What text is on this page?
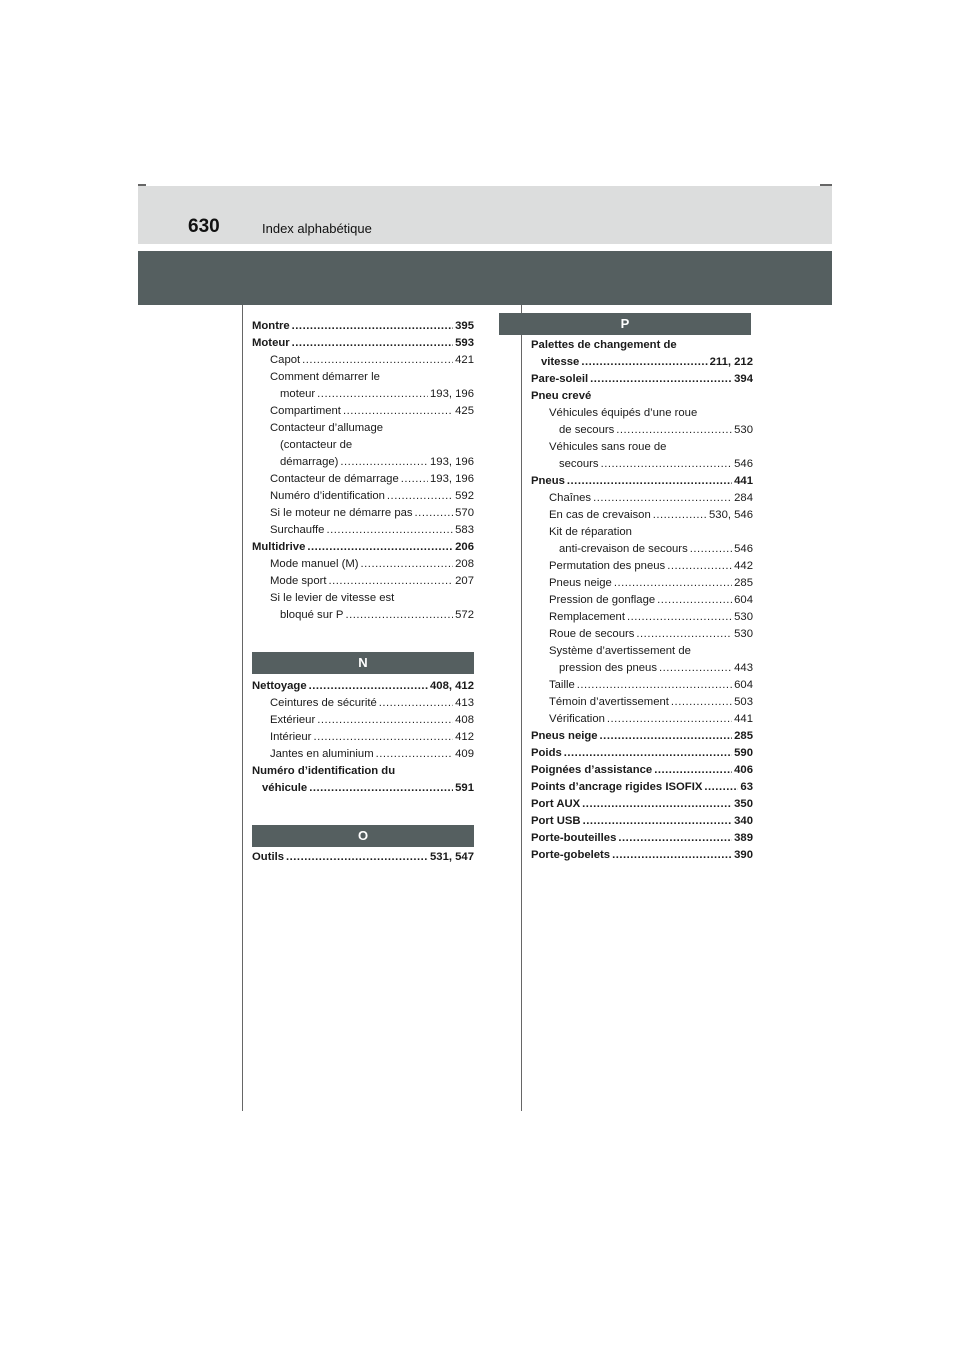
630	Index alphabétique
Montre .....	395
Moteur .....	593
Capot .....	421
Comment démarrer le
moteur .....	193, 196
Compartiment .....	425
Contacteur d’allumage
(contacteur de
démarrage) .....	193, 196
Contacteur de démarrage .....	193, 196
Numéro d’identification .....	592
Si le moteur ne démarre pas .....	570
Surchauffe .....	583
Multidrive .....	206
Mode manuel (M) .....	208
Mode sport .....	207
Si le levier de vitesse est
bloqué sur P .....	572
N
Nettoyage .....	408, 412
Ceintures de sécurité .....	413
Extérieur .....	408
Intérieur .....	412
Jantes en aluminium .....	409
Numéro d’identification du
véhicule .....	591
O
Outils .....	531, 547
P
Palettes de changement de
vitesse .....	211, 212
Pare-soleil .....	394
Pneu crevé
Véhicules équipés d’une roue
de secours .....	530
Véhicules sans roue de
secours .....	546
Pneus .....	441
Chaînes .....	284
En cas de crevaison .....	530, 546
Kit de réparation
anti-crevaison de secours .....	546
Permutation des pneus .....	442
Pneus neige .....	285
Pression de gonflage .....	604
Remplacement .....	530
Roue de secours .....	530
Système d’avertissement de
pression des pneus .....	443
Taille .....	604
Témoin d’avertissement .....	503
Vérification .....	441
Pneus neige .....	285
Poids .....	590
Poignées d’assistance .....	406
Points d’ancrage rigides ISOFIX .....	63
Port AUX .....	350
Port USB .....	340
Porte-bouteilles .....	389
Porte-gobelets .....	390
